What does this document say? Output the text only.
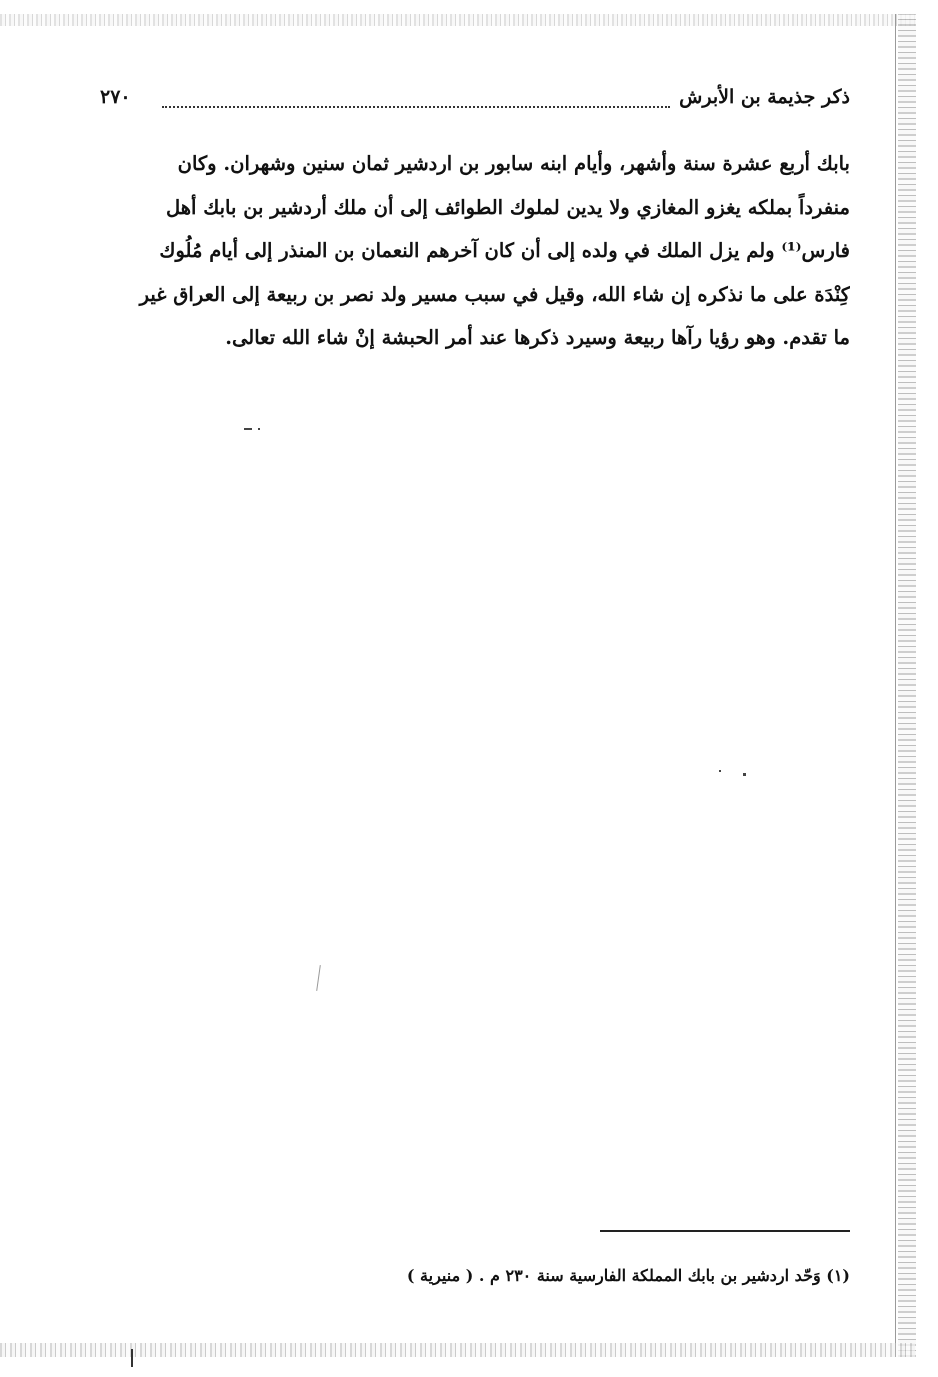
ذكر جذيمة بن الأبرش
٢٧٠
بابك أربع عشرة سنة وأشهر، وأيام ابنه سابور بن اردشير ثمان سنين وشهران. وكان
منفرداً بملكه يغزو المغازي ولا يدين لملوك الطوائف إلى أن ملك أردشير بن بابك أهل
فارس⁽¹⁾ ولم يزل الملك في ولده إلى أن كان آخرهم النعمان بن المنذر إلى أيام مُلُوك
كِنْدَة على ما نذكره إن شاء الله، وقيل في سبب مسير ولد نصر بن ربيعة إلى العراق غير
ما تقدم. وهو رؤيا رآها ربيعة وسيرد ذكرها عند أمر الحبشة إنْ شاء الله تعالى.
(١) وَحّد اردشير بن بابك المملكة الفارسية سنة ٢٣٠ م . ( منيرية )
